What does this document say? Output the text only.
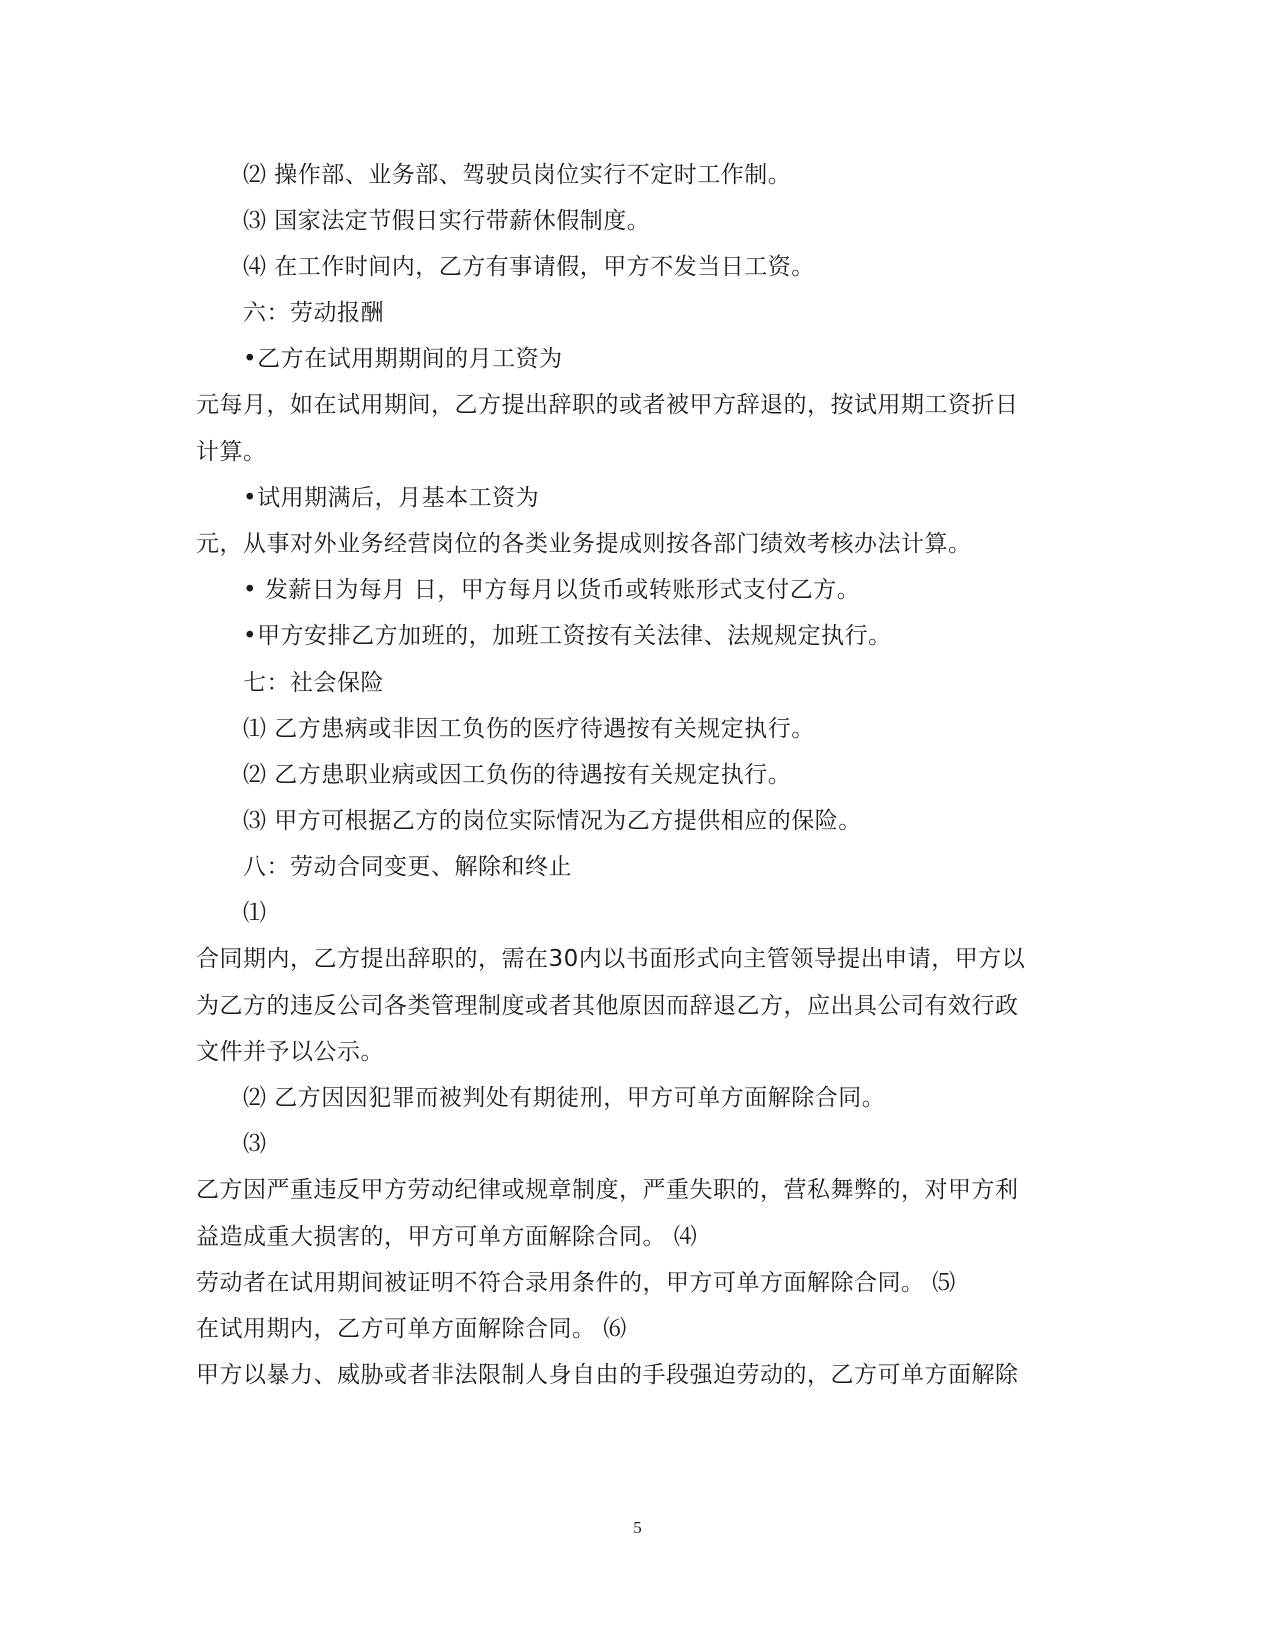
⑵ 操作部、业务部、驾驶员岗位实行不定时工作制。
⑶ 国家法定节假日实行带薪休假制度。
⑷ 在工作时间内，乙方有事请假，甲方不发当日工资。
六：劳动报酬
•乙方在试用期期间的月工资为
元每月，如在试用期间，乙方提出辞职的或者被甲方辞退的，按试用期工资折日
计算。
•试用期满后，月基本工资为
元，从事对外业务经营岗位的各类业务提成则按各部门绩效考核办法计算。
• 发薪日为每月 日，甲方每月以货币或转账形式支付乙方。
•甲方安排乙方加班的，加班工资按有关法律、法规规定执行。
七：社会保险
⑴ 乙方患病或非因工负伤的医疗待遇按有关规定执行。
⑵ 乙方患职业病或因工负伤的待遇按有关规定执行。
⑶ 甲方可根据乙方的岗位实际情况为乙方提供相应的保险。
八：劳动合同变更、解除和终止
⑴
合同期内，乙方提出辞职的，需在30内以书面形式向主管领导提出申请，甲方以
为乙方的违反公司各类管理制度或者其他原因而辞退乙方，应出具公司有效行政
文件并予以公示。
⑵ 乙方因因犯罪而被判处有期徒刑，甲方可单方面解除合同。
⑶
乙方因严重违反甲方劳动纪律或规章制度，严重失职的，营私舞弊的，对甲方利
益造成重大损害的，甲方可单方面解除合同。 ⑷
劳动者在试用期间被证明不符合录用条件的，甲方可单方面解除合同。 ⑸
在试用期内，乙方可单方面解除合同。 ⑹
甲方以暴力、威胁或者非法限制人身自由的手段强迫劳动的，乙方可单方面解除
5
